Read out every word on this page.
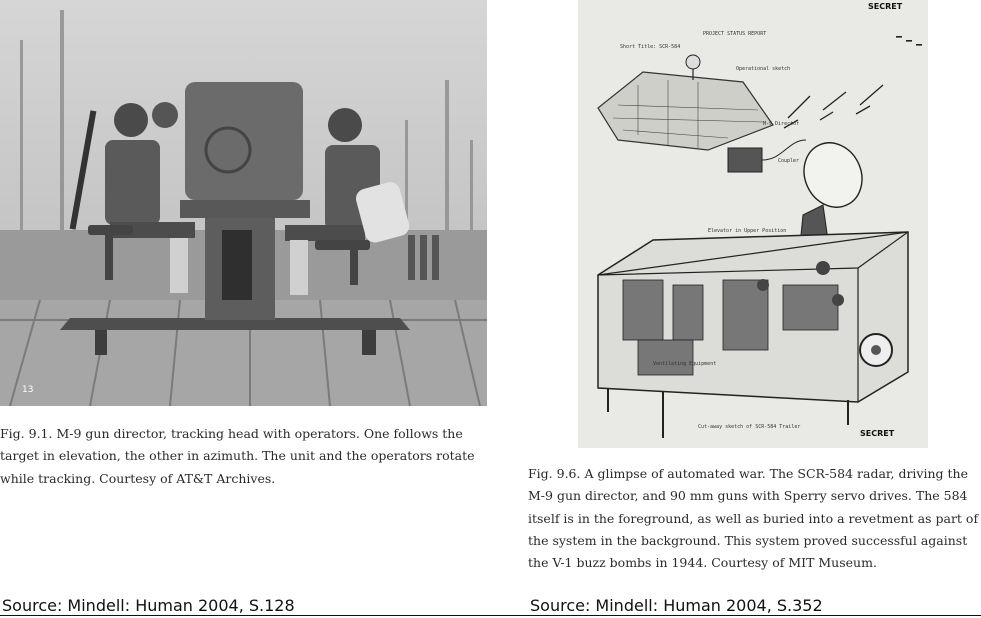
13

Fig. 9.1. M-9 gun director, tracking head with operators. One follows the target in elevation, the other in azimuth. The unit and the operators rotate while tracking. Courtesy of AT&T Archives.

Source: Mindell: Human 2004, S.128
SECRET
PROJECT STATUS REPORT
Short Title: SCR-584
Operational sketch
M-9 Director
Coupler
Elevator in Upper Position
Ventilating Equipment
Cut-away sketch of SCR-584 Trailer
SECRET

Fig. 9.6. A glimpse of automated war. The SCR-584 radar, driving the M-9 gun director, and 90 mm guns with Sperry servo drives. The 584 itself is in the foreground, as well as buried into a revetment as part of the system in the background. This system proved successful against the V-1 buzz bombs in 1944. Courtesy of MIT Museum.

Source: Mindell: Human 2004, S.352
